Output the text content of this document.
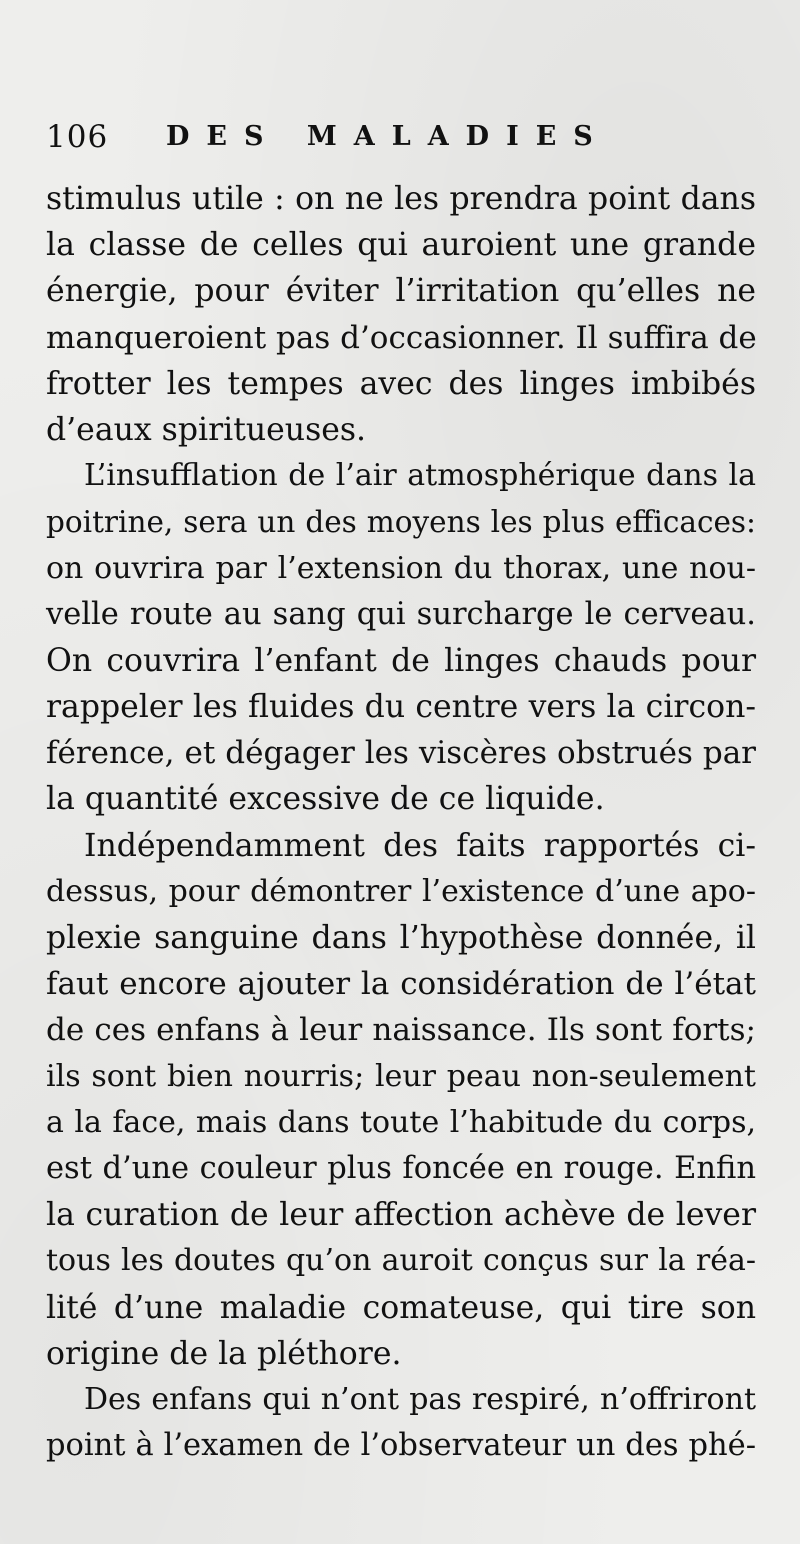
106 DES MALADIES
stimulus utile : on ne les prendra point dans
la classe de celles qui auroient une grande
énergie, pour éviter l’irritation qu’elles ne
manqueroient pas d’occasionner. Il suffira de
frotter les tempes avec des linges imbibés
d’eaux spiritueuses.
L’insufflation de l’air atmosphérique dans la
poitrine, sera un des moyens les plus efficaces:
on ouvrira par l’extension du thorax, une nou-
velle route au sang qui surcharge le cerveau.
On couvrira l’enfant de linges chauds pour
rappeler les fluides du centre vers la circon-
férence, et dégager les viscères obstrués par
la quantité excessive de ce liquide.
Indépendamment des faits rapportés ci-
dessus, pour démontrer l’existence d’une apo-
plexie sanguine dans l’hypothèse donnée, il
faut encore ajouter la considération de l’état
de ces enfans à leur naissance. Ils sont forts;
ils sont bien nourris; leur peau non-seulement
a la face, mais dans toute l’habitude du corps,
est d’une couleur plus foncée en rouge. Enfin
la curation de leur affection achève de lever
tous les doutes qu’on auroit conçus sur la réa-
lité d’une maladie comateuse, qui tire son
origine de la pléthore.
Des enfans qui n’ont pas respiré, n’offriront
point à l’examen de l’observateur un des phé-
